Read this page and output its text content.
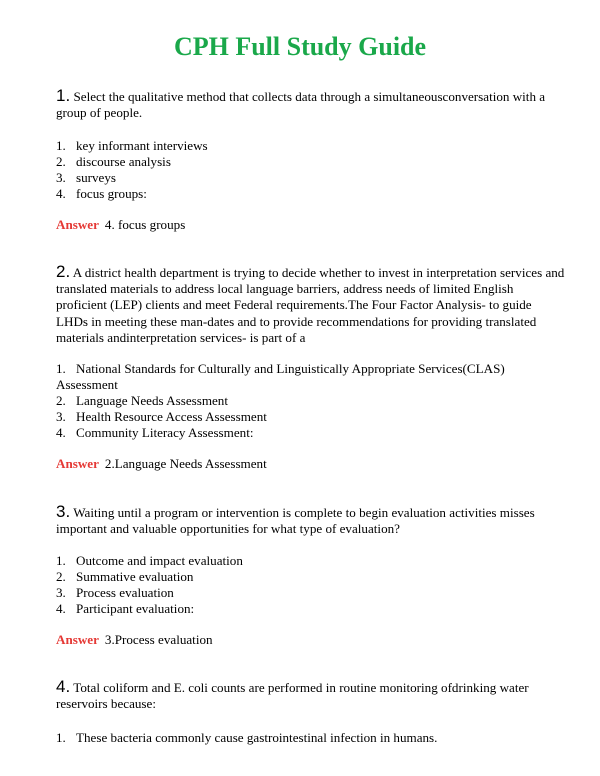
CPH Full Study Guide
1. Select the qualitative method that collects data through a simultaneousconversation with a group of people.
1. key informant interviews
2. discourse analysis
3. surveys
4. focus groups:
Answer 4. focus groups
2. A district health department is trying to decide whether to invest in interpretation services and translated materials to address local language barriers, address needs of limited English proficient (LEP) clients and meet Federal requirements.The Four Factor Analysis- to guide LHDs in meeting these man-dates and to provide recommendations for providing translated materials andinterpretation services- is part of a
1. National Standards for Culturally and Linguistically Appropriate Services(CLAS) Assessment
2. Language Needs Assessment
3. Health Resource Access Assessment
4. Community Literacy Assessment:
Answer 2.Language Needs Assessment
3. Waiting until a program or intervention is complete to begin evaluation activities misses important and valuable opportunities for what type of evaluation?
1. Outcome and impact evaluation
2. Summative evaluation
3. Process evaluation
4. Participant evaluation:
Answer 3.Process evaluation
4. Total coliform and E. coli counts are performed in routine monitoring ofdrinking water reservoirs because:
1. These bacteria commonly cause gastrointestinal infection in humans.
